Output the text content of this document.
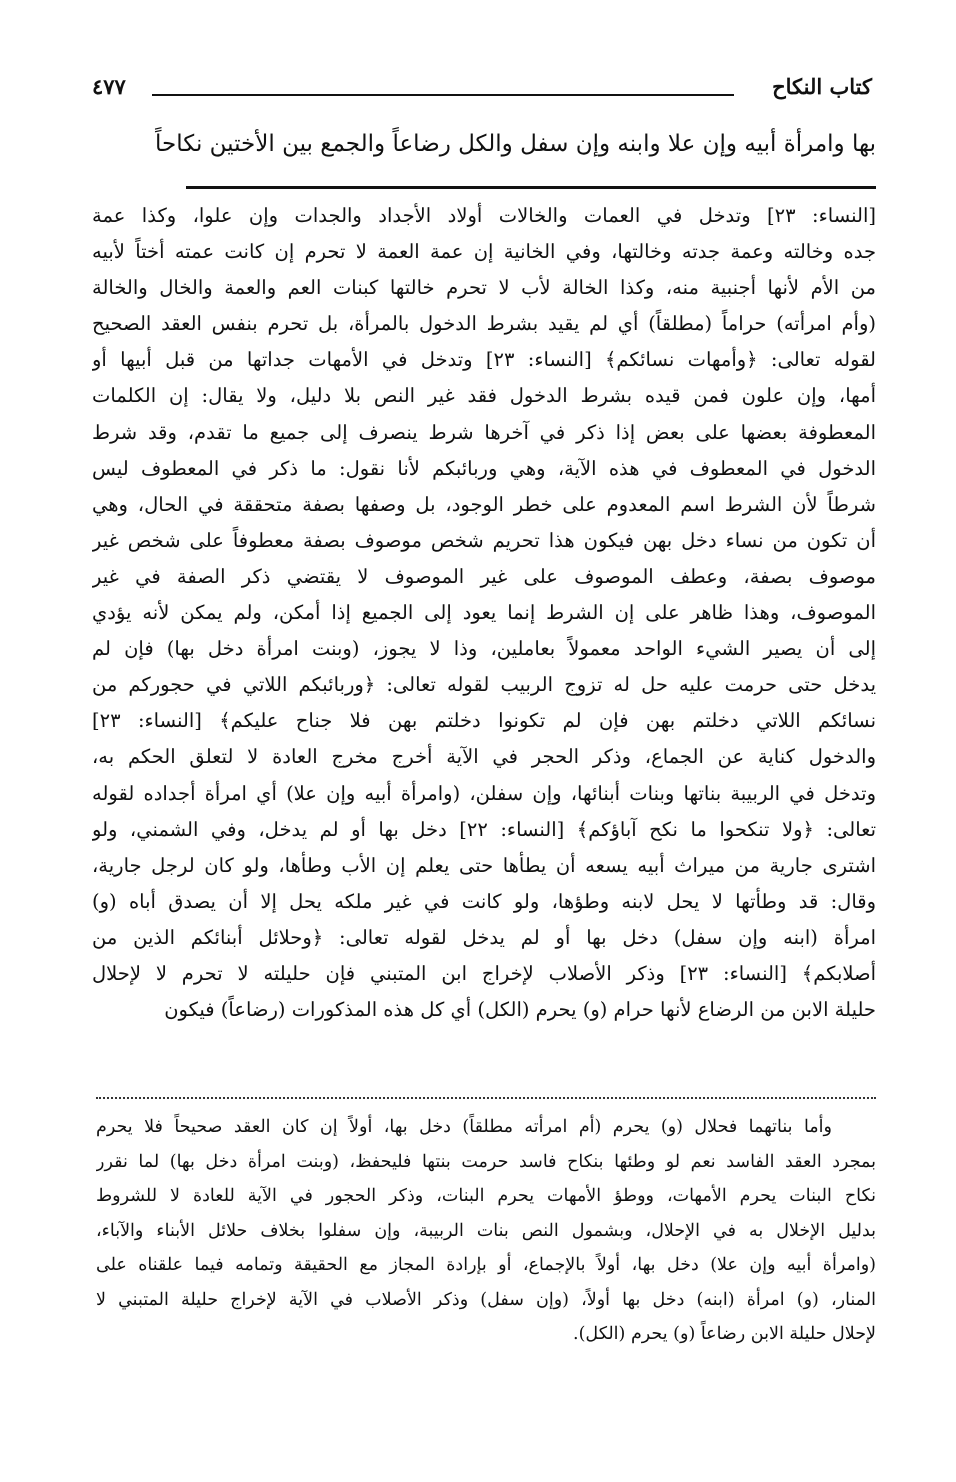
كتاب النكاح
٤٧٧
بها وامرأة أبيه وإن علا وابنه وإن سفل والكل رضاعاً والجمع بين الأختين نكاحاً
[النساء: ٢٣] وتدخل في العمات والخالات أولاد الأجداد والجدات وإن علوا، وكذا عمة
جده وخالته وعمة جدته وخالتها، وفي الخانية إن عمة العمة لا تحرم إن كانت عمته أختاً لأبيه
من الأم لأنها أجنبية منه، وكذا الخالة لأب لا تحرم خالتها كبنات العم والعمة والخال والخالة
(وأم امرأته) حراماً (مطلقاً) أي لم يقيد بشرط الدخول بالمرأة، بل تحرم بنفس العقد الصحيح
لقوله تعالى: ﴿وأمهات نسائكم﴾ [النساء: ٢٣] وتدخل في الأمهات جداتها من قبل أبيها أو
أمها، وإن علون فمن قيده بشرط الدخول فقد غير النص بلا دليل، ولا يقال: إن الكلمات
المعطوفة بعضها على بعض إذا ذكر في آخرها شرط ينصرف إلى جميع ما تقدم، وقد شرط
الدخول في المعطوف في هذه الآية، وهي وربائبكم لأنا نقول: ما ذكر في المعطوف ليس
شرطاً لأن الشرط اسم المعدوم على خطر الوجود، بل وصفها بصفة متحققة في الحال، وهي
أن تكون من نساء دخل بهن فيكون هذا تحريم شخص موصوف بصفة معطوفاً على شخص غير
موصوف بصفة، وعطف الموصوف على غير الموصوف لا يقتضي ذكر الصفة في غير
الموصوف، وهذا ظاهر على إن الشرط إنما يعود إلى الجميع إذا أمكن، ولم يمكن لأنه يؤدي
إلى أن يصير الشيء الواحد معمولاً بعاملين، وذا لا يجوز، (وبنت امرأة دخل بها) فإن لم
يدخل حتى حرمت عليه حل له تزوج الربيب لقوله تعالى: ﴿وربائبكم اللاتي في حجوركم من
نسائكم اللاتي دخلتم بهن فإن لم تكونوا دخلتم بهن فلا جناح عليكم﴾ [النساء: ٢٣]
والدخول كناية عن الجماع، وذكر الحجر في الآية أخرج مخرج العادة لا لتعلق الحكم به،
وتدخل في الربيبة بناتها وبنات أبنائها، وإن سفلن، (وامرأة أبيه وإن علا) أي امرأة أجداده لقوله
تعالى: ﴿ولا تنكحوا ما نكح آباؤكم﴾ [النساء: ٢٢] دخل بها أو لم يدخل، وفي الشمني، ولو
اشترى جارية من ميراث أبيه يسعه أن يطأها حتى يعلم إن الأب وطأها، ولو كان لرجل جارية،
وقال: قد وطأتها لا يحل لابنه وطؤها، ولو كانت في غير ملكه يحل إلا أن يصدق أباه (و)
امرأة (ابنه وإن سفل) دخل بها أو لم يدخل لقوله تعالى: ﴿وحلائل أبنائكم الذين من
أصلابكم﴾ [النساء: ٢٣] وذكر الأصلاب لإخراج ابن المتبني فإن حليلته لا تحرم لا لإحلال
حليلة الابن من الرضاع لأنها حرام (و) يحرم (الكل) أي كل هذه المذكورات (رضاعاً) فيكون
وأما بناتهما فحلال (و) يحرم (أم امرأته مطلقاً) دخل بها، أولاً إن كان العقد صحيحاً فلا يحرم
بمجرد العقد الفاسد نعم لو وطئها بنكاح فاسد حرمت بنتها فليحفظ، (وبنت امرأة دخل بها) لما نقرر
نكاح البنات يحرم الأمهات، ووطؤ الأمهات يحرم البنات، وذكر الحجور في الآية للعادة لا للشروط
بدليل الإخلال به في الإحلال، وبشمول النص بنات الربيبة، وإن سفلوا بخلاف حلائل الأبناء والآباء،
(وامرأة أبيه وإن علا) دخل بها، أولاً بالإجماع، أو بإرادة المجاز مع الحقيقة وتمامه فيما علقناه على
المنار، (و) امرأة (ابنه) دخل بها أولاً، (وإن سفل) وذكر الأصلاب في الآية لإخراج حليلة المتبني لا
لإحلال حليلة الابن رضاعاً (و) يحرم (الكل).
